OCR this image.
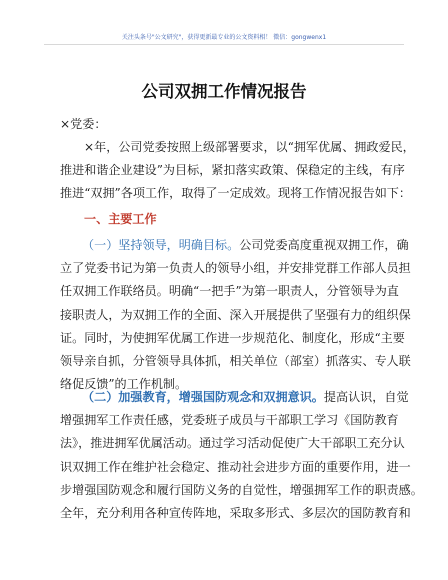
关注头条号"公文研究"，获得更新最专业的公文资料相！ 微信：gongwenx1
公司双拥工作情况报告
×党委：
×年，公司党委按照上级部署要求，以“拥军优属、拥政爱民，
推进和谐企业建设”为目标，紧扣落实政策、保稳定的主线，有序
推进“双拥”各项工作，取得了一定成效。现将工作情况报告如下：
一、主要工作
（一）坚持领导，明确目标。公司党委高度重视双拥工作，确
立了党委书记为第一负责人的领导小组，并安排党群工作部人员担
任双拥工作联络员。明确“一把手”为第一职责人，分管领导为直
接职责人，为双拥工作的全面、深入开展提供了坚强有力的组织保
证。同时，为使拥军优属工作进一步规范化、制度化，形成“主要
领导亲自抓，分管领导具体抓，相关单位（部室）抓落实、专人联
络促反馈”的工作机制。
（二）加强教育，增强国防观念和双拥意识。提高认识，自觉
增强拥军工作责任感，党委班子成员与干部职工学习《国防教育
法》，推进拥军优属活动。通过学习活动促使广大干部职工充分认
识双拥工作在维护社会稳定、推动社会进步方面的重要作用，进一
步增强国防观念和履行国防义务的自觉性，增强拥军工作的职责感。
全年，充分利用各种宣传阵地，采取多形式、多层次的国防教育和
